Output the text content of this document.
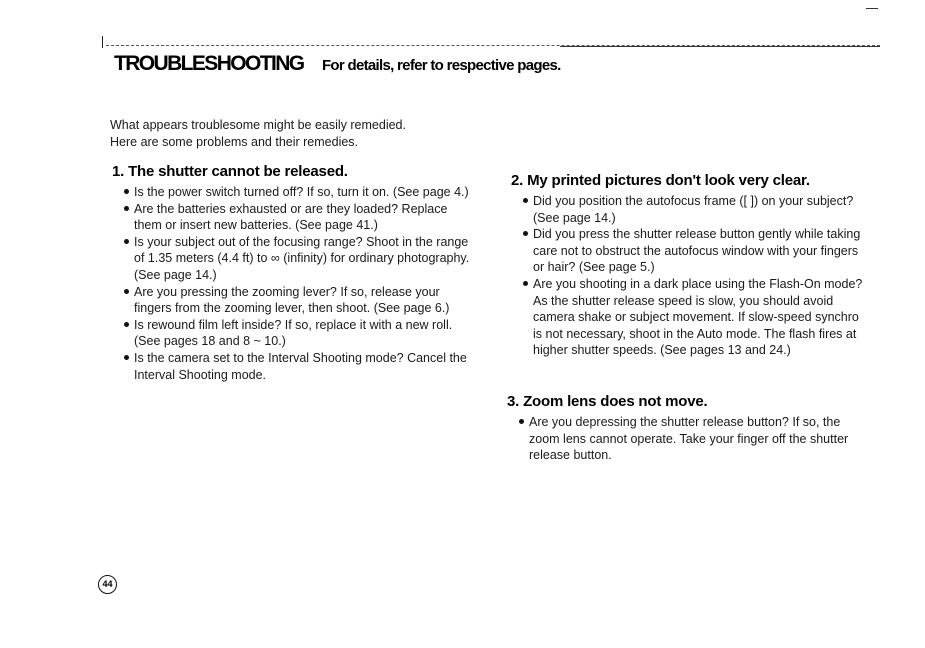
TROUBLESHOOTING For details, refer to respective pages.

What appears troublesome might be easily remedied.

Here are some problems and their remedies.

1. The shutter cannot be released.
Is the power switch turned off? If so, turn it on. (See page 4.)
Are the batteries exhausted or are they loaded? Replace them or insert new batteries. (See page 41.)
Is your subject out of the focusing range? Shoot in the range of 1.35 meters (4.4 ft) to ∞ (infinity) for ordinary photography. (See page 14.)
Are you pressing the zooming lever? If so, release your fingers from the zooming lever, then shoot. (See page 6.)
Is rewound film left inside? If so, replace it with a new roll. (See pages 18 and 8 ~ 10.)
Is the camera set to the Interval Shooting mode? Cancel the Interval Shooting mode.
2. My printed pictures don't look very clear.
Did you position the autofocus frame ([ ]) on your subject? (See page 14.)
Did you press the shutter release button gently while taking care not to obstruct the autofocus window with your fingers or hair? (See page 5.)
Are you shooting in a dark place using the Flash-On mode? As the shutter release speed is slow, you should avoid camera shake or subject movement. If slow-speed synchro is not necessary, shoot in the Auto mode. The flash fires at higher shutter speeds. (See pages 13 and 24.)
3. Zoom lens does not move.
Are you depressing the shutter release button? If so, the zoom lens cannot operate. Take your finger off the shutter release button.
44
